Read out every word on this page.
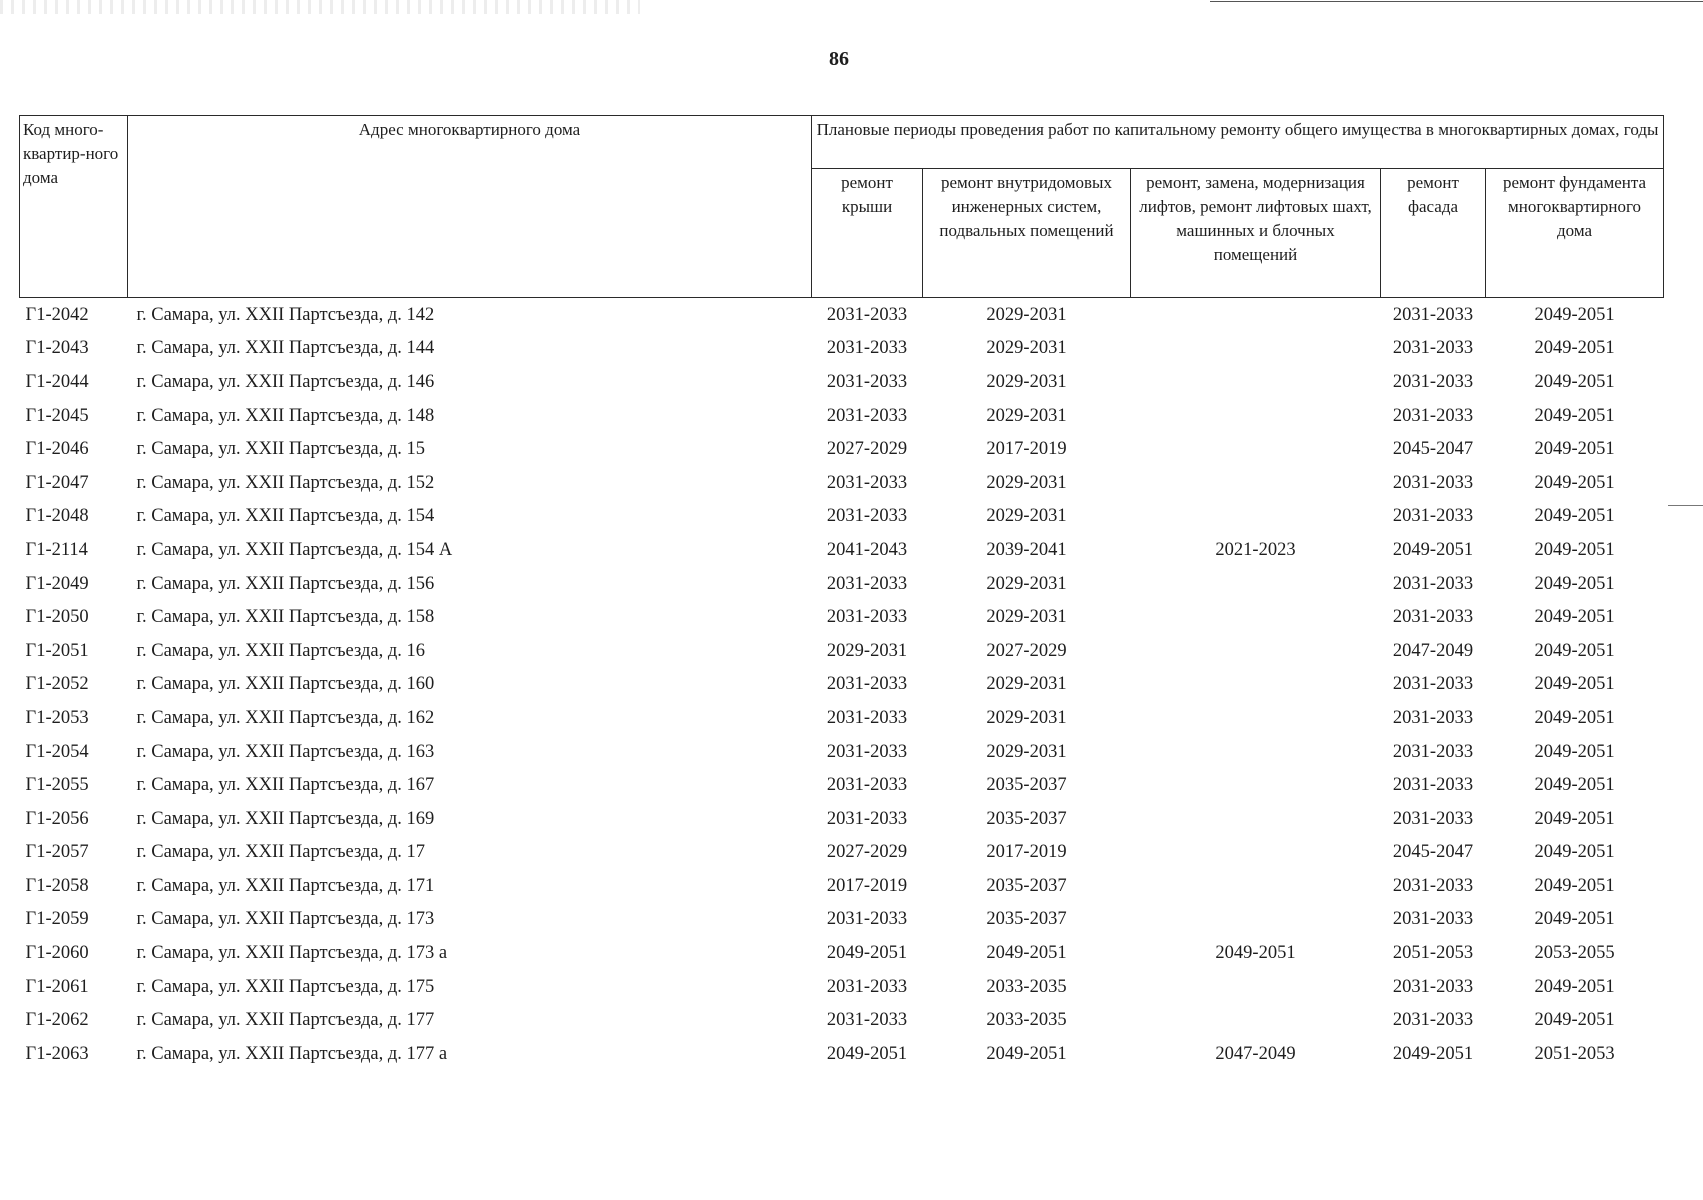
86
Код много-квартир-ного дома	Адрес многоквартирного дома	Плановые периоды проведения работ по капитальному ремонту общего имущества в многоквартирных домах, годы				
		ремонт крыши	ремонт внутридомовых инженерных систем, подвальных помещений	ремонт, замена, модернизация лифтов, ремонт лифтовых шахт, машинных и блочных помещений	ремонт фасада	ремонт фундамента многоквартирного дома
Г1-2042	г. Самара, ул. XXII Партсъезда, д. 142	2031-2033	2029-2031		2031-2033	2049-2051
Г1-2043	г. Самара, ул. XXII Партсъезда, д. 144	2031-2033	2029-2031		2031-2033	2049-2051
Г1-2044	г. Самара, ул. XXII Партсъезда, д. 146	2031-2033	2029-2031		2031-2033	2049-2051
Г1-2045	г. Самара, ул. XXII Партсъезда, д. 148	2031-2033	2029-2031		2031-2033	2049-2051
Г1-2046	г. Самара, ул. XXII Партсъезда, д. 15	2027-2029	2017-2019		2045-2047	2049-2051
Г1-2047	г. Самара, ул. XXII Партсъезда, д. 152	2031-2033	2029-2031		2031-2033	2049-2051
Г1-2048	г. Самара, ул. XXII Партсъезда, д. 154	2031-2033	2029-2031		2031-2033	2049-2051
Г1-2114	г. Самара, ул. XXII Партсъезда, д. 154 А	2041-2043	2039-2041	2021-2023	2049-2051	2049-2051
Г1-2049	г. Самара, ул. XXII Партсъезда, д. 156	2031-2033	2029-2031		2031-2033	2049-2051
Г1-2050	г. Самара, ул. XXII Партсъезда, д. 158	2031-2033	2029-2031		2031-2033	2049-2051
Г1-2051	г. Самара, ул. XXII Партсъезда, д. 16	2029-2031	2027-2029		2047-2049	2049-2051
Г1-2052	г. Самара, ул. XXII Партсъезда, д. 160	2031-2033	2029-2031		2031-2033	2049-2051
Г1-2053	г. Самара, ул. XXII Партсъезда, д. 162	2031-2033	2029-2031		2031-2033	2049-2051
Г1-2054	г. Самара, ул. XXII Партсъезда, д. 163	2031-2033	2029-2031		2031-2033	2049-2051
Г1-2055	г. Самара, ул. XXII Партсъезда, д. 167	2031-2033	2035-2037		2031-2033	2049-2051
Г1-2056	г. Самара, ул. XXII Партсъезда, д. 169	2031-2033	2035-2037		2031-2033	2049-2051
Г1-2057	г. Самара, ул. XXII Партсъезда, д. 17	2027-2029	2017-2019		2045-2047	2049-2051
Г1-2058	г. Самара, ул. XXII Партсъезда, д. 171	2017-2019	2035-2037		2031-2033	2049-2051
Г1-2059	г. Самара, ул. XXII Партсъезда, д. 173	2031-2033	2035-2037		2031-2033	2049-2051
Г1-2060	г. Самара, ул. XXII Партсъезда, д. 173 а	2049-2051	2049-2051	2049-2051	2051-2053	2053-2055
Г1-2061	г. Самара, ул. XXII Партсъезда, д. 175	2031-2033	2033-2035		2031-2033	2049-2051
Г1-2062	г. Самара, ул. XXII Партсъезда, д. 177	2031-2033	2033-2035		2031-2033	2049-2051
Г1-2063	г. Самара, ул. XXII Партсъезда, д. 177 а	2049-2051	2049-2051	2047-2049	2049-2051	2051-2053
